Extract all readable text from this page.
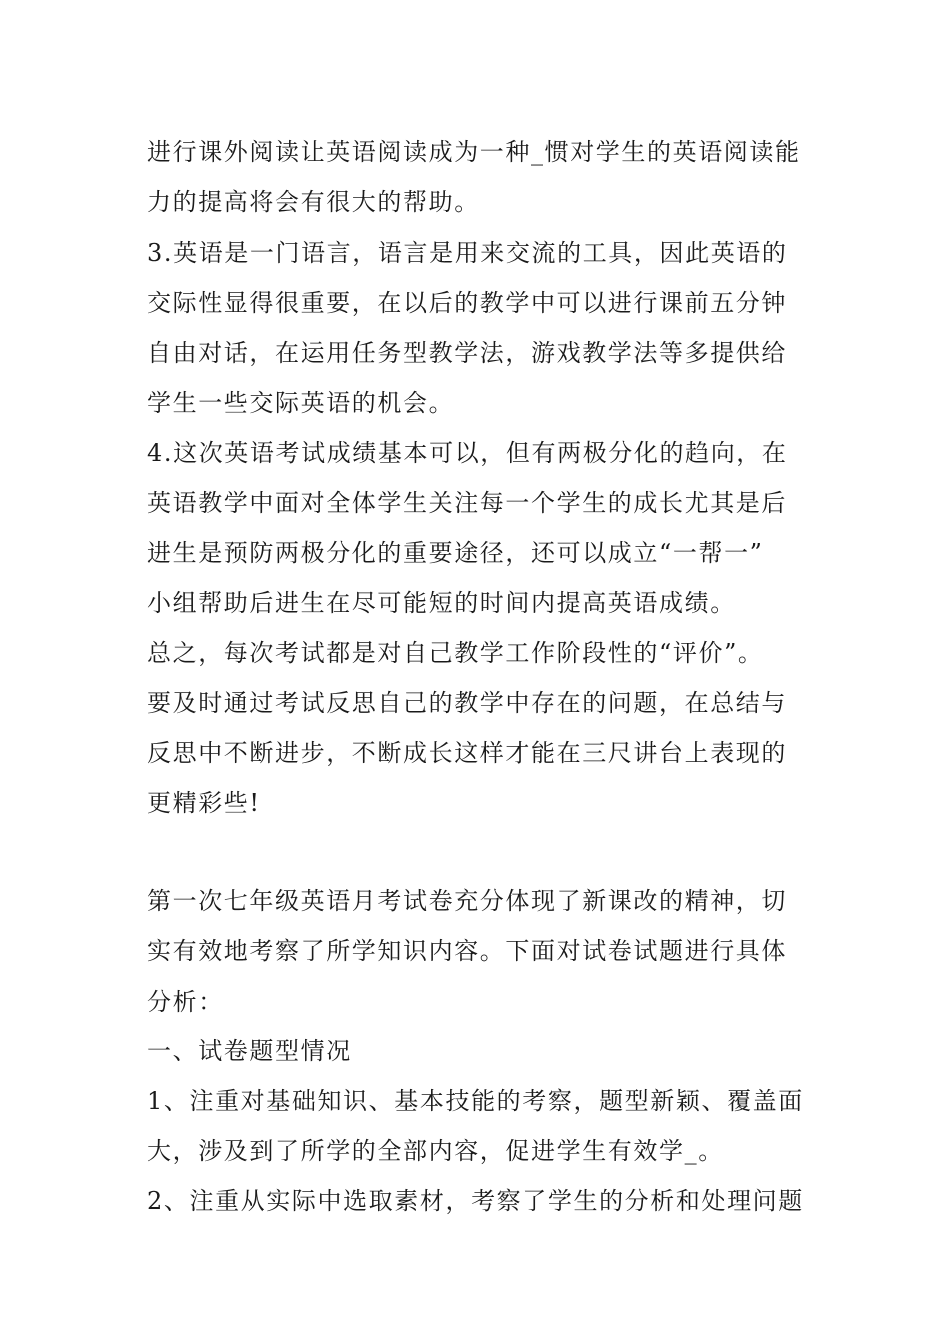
进行课外阅读让英语阅读成为一种_惯对学生的英语阅读能
力的提高将会有很大的帮助。
3.英语是一门语言，语言是用来交流的工具，因此英语的
交际性显得很重要，在以后的教学中可以进行课前五分钟
自由对话，在运用任务型教学法，游戏教学法等多提供给
学生一些交际英语的机会。
4.这次英语考试成绩基本可以，但有两极分化的趋向，在
英语教学中面对全体学生关注每一个学生的成长尤其是后
进生是预防两极分化的重要途径，还可以成立“一帮一”
小组帮助后进生在尽可能短的时间内提高英语成绩。
总之，每次考试都是对自己教学工作阶段性的“评价”。
要及时通过考试反思自己的教学中存在的问题，在总结与
反思中不断进步，不断成长这样才能在三尺讲台上表现的
更精彩些!
第一次七年级英语月考试卷充分体现了新课改的精神，切
实有效地考察了所学知识内容。下面对试卷试题进行具体
分析：
一、试卷题型情况
1、注重对基础知识、基本技能的考察，题型新颖、覆盖面
大，涉及到了所学的全部内容，促进学生有效学_。
2、注重从实际中选取素材，考察了学生的分析和处理问题
